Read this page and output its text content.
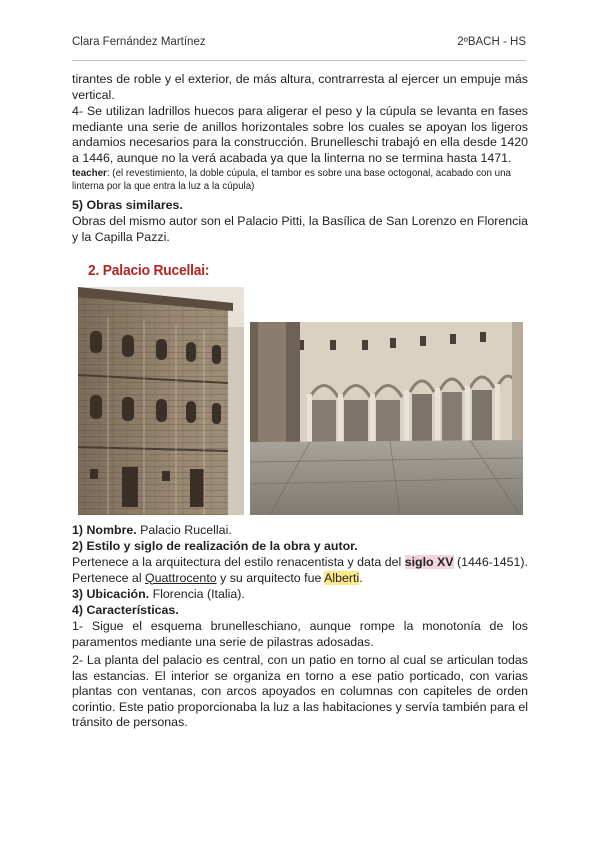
Clara Fernández Martínez	2ºBACH - HS
tirantes de roble y el exterior, de más altura, contrarresta al ejercer un empuje más vertical.
4- Se utilizan ladrillos huecos para aligerar el peso y la cúpula se levanta en fases mediante una serie de anillos horizontales sobre los cuales se apoyan los ligeros andamios necesarios para la construcción. Brunelleschi trabajó en ella desde 1420 a 1446, aunque no la verá acabada ya que la linterna no se termina hasta 1471.
teacher: (el revestimiento, la doble cúpula, el tambor es sobre una base octogonal, acabado con una linterna por la que entra la luz a la cúpula)
5) Obras similares.
Obras del mismo autor son el Palacio Pitti, la Basílica de San Lorenzo en Florencia y la Capilla Pazzi.
2. Palacio Rucellai:
1) Nombre. Palacio Rucellai.
2) Estilo y siglo de realización de la obra y autor.
Pertenece a la arquitectura del estilo renacentista y data del siglo XV (1446-1451).
Pertenece al Quattrocento y su arquitecto fue Alberti.
3) Ubicación. Florencia (Italia).
4) Características.
1- Sigue el esquema brunelleschiano, aunque rompe la monotonía de los paramentos mediante una serie de pilastras adosadas.
2- La planta del palacio es central, con un patio en torno al cual se articulan todas las estancias. El interior se organiza en torno a ese patio porticado, con varias plantas con ventanas, con arcos apoyados en columnas con capiteles de orden corintio. Este patio proporcionaba la luz a las habitaciones y servía también para el tránsito de personas.
